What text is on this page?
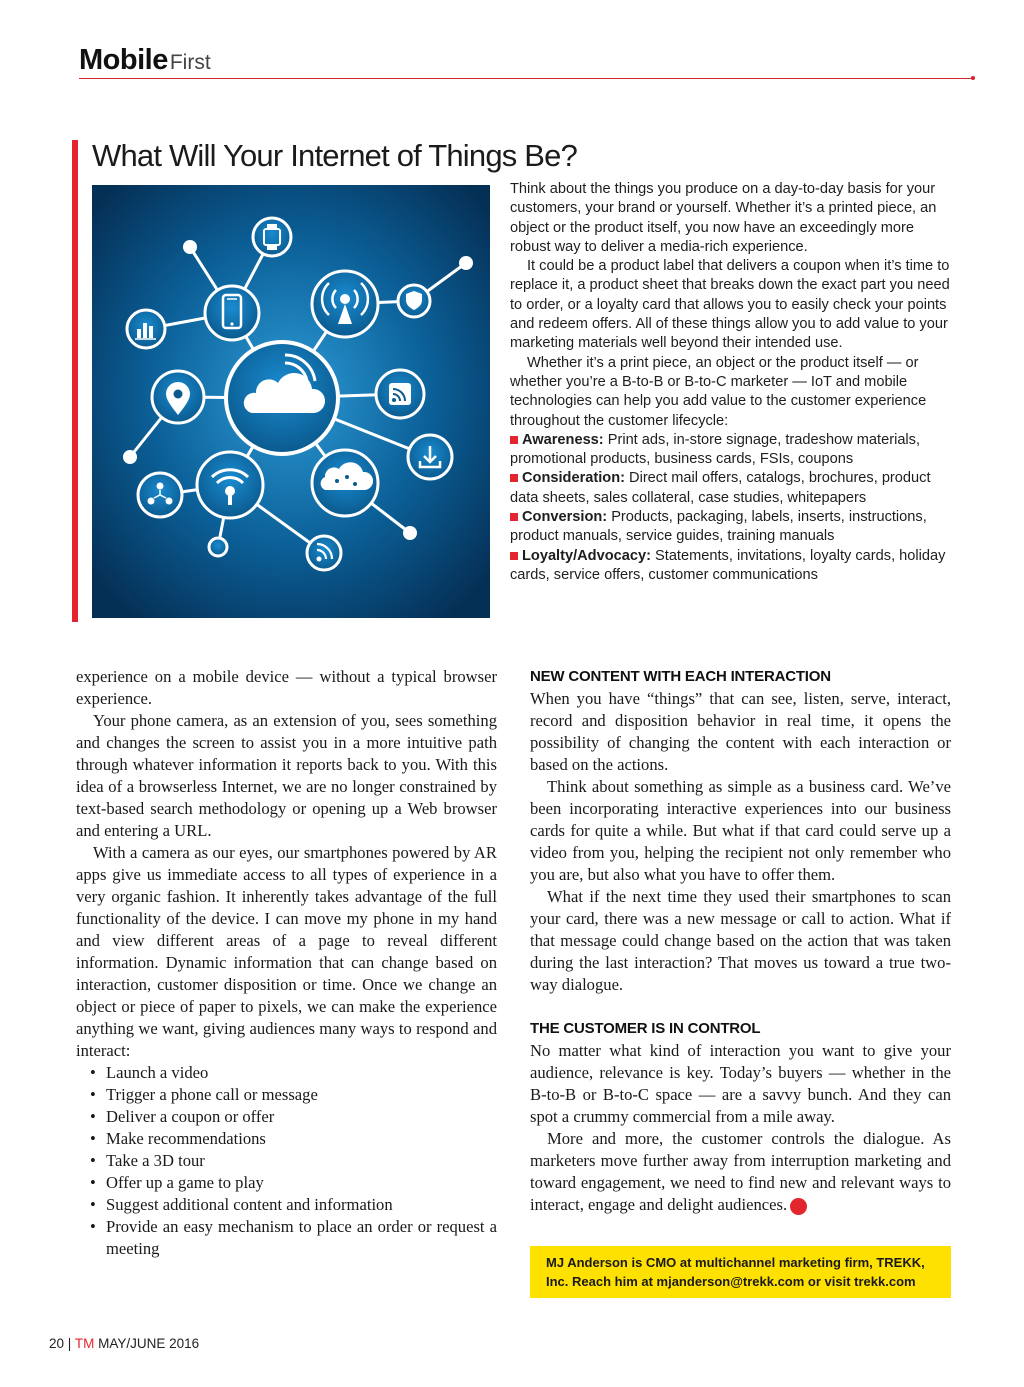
MobileFirst
What Will Your Internet of Things Be?

Think about the things you produce on a day-to-day basis for your customers, your brand or yourself. Whether it’s a printed piece, an object or the product itself, you now have an exceedingly more robust way to deliver a media-rich experience.

It could be a product label that delivers a coupon when it’s time to replace it, a product sheet that breaks down the exact part you need to order, or a loyalty card that allows you to easily check your points and redeem offers. All of these things allow you to add value to your marketing materials well beyond their intended use.

Whether it’s a print piece, an object or the product itself — or whether you’re a B-to-B or B-to-C marketer — IoT and mobile technologies can help you add value to the customer experience throughout the customer lifecycle:

Awareness: Print ads, in-store signage, tradeshow materials, promotional products, business cards, FSIs, coupons

Consideration: Direct mail offers, catalogs, brochures, product data sheets, sales collateral, case studies, whitepapers

Conversion: Products, packaging, labels, inserts, instructions, product manuals, service guides, training manuals

Loyalty/Advocacy: Statements, invitations, loyalty cards, holiday cards, service offers, customer communications

experience on a mobile device — without a typical browser experience.

Your phone camera, as an extension of you, sees something and changes the screen to assist you in a more intuitive path through whatever information it reports back to you. With this idea of a browserless Internet, we are no longer constrained by text-based search methodology or opening up a Web browser and entering a URL.

With a camera as our eyes, our smartphones powered by AR apps give us immediate access to all types of experience in a very organic fashion. It inherently takes advantage of the full functionality of the device. I can move my phone in my hand and view different areas of a page to reveal different information. Dynamic information that can change based on interaction, customer disposition or time. Once we change an object or piece of paper to pixels, we can make the experience anything we want, giving audiences many ways to respond and interact:

• Launch a video
• Trigger a phone call or message
• Deliver a coupon or offer
• Make recommendations
• Take a 3D tour
• Offer up a game to play
• Suggest additional content and information
• Provide an easy mechanism to place an order or request a meeting
NEW CONTENT WITH EACH INTERACTION

When you have “things” that can see, listen, serve, interact, record and disposition behavior in real time, it opens the possibility of changing the content with each interaction or based on the actions.

Think about something as simple as a business card. We’ve been incorporating interactive experiences into our business cards for quite a while. But what if that card could serve up a video from you, helping the recipient not only remember who you are, but also what you have to offer them.

What if the next time they used their smartphones to scan your card, there was a new message or call to action. What if that message could change based on the action that was taken during the last interaction? That moves us toward a true two-way dialogue.

THE CUSTOMER IS IN CONTROL

No matter what kind of interaction you want to give your audience, relevance is key. Today’s buyers — whether in the B-to-B or B-to-C space — are a savvy bunch. And they can spot a crummy commercial from a mile away.

More and more, the customer controls the dialogue. As marketers move further away from interruption marketing and toward engagement, we need to find new and relevant ways to interact, engage and delight audiences. TM

MJ Anderson is CMO at multichannel marketing firm, TREKK, Inc. Reach him at mjanderson@trekk.com or visit trekk.com
20 | TM MAY/JUNE 2016
